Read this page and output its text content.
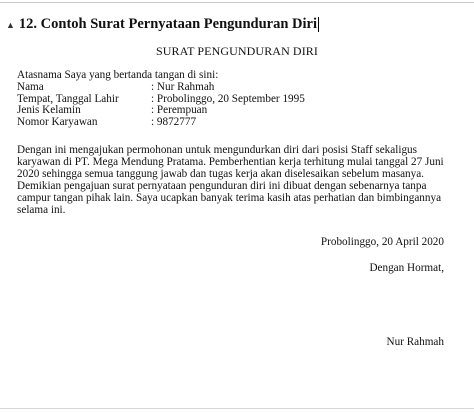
▲ 12. Contoh Surat Pernyataan Pengunduran Diri
SURAT PENGUNDURAN DIRI
Atasnama Saya yang bertanda tangan di sini:
Nama	: Nur Rahmah
Tempat, Tanggal Lahir	: Probolinggo, 20 September 1995
Jenis Kelamin	: Perempuan
Nomor Karyawan	: 9872777
Dengan ini mengajukan permohonan untuk mengundurkan diri dari posisi Staff sekaligus karyawan di PT. Mega Mendung Pratama. Pemberhentian kerja terhitung mulai tanggal 27 Juni 2020 sehingga semua tanggung jawab dan tugas kerja akan diselesaikan sebelum masanya. Demikian pengajuan surat pernyataan pengunduran diri ini dibuat dengan sebenarnya tanpa campur tangan pihak lain. Saya ucapkan banyak terima kasih atas perhatian dan bimbingannya selama ini.
Probolinggo, 20 April 2020
Dengan Hormat,
Nur Rahmah
